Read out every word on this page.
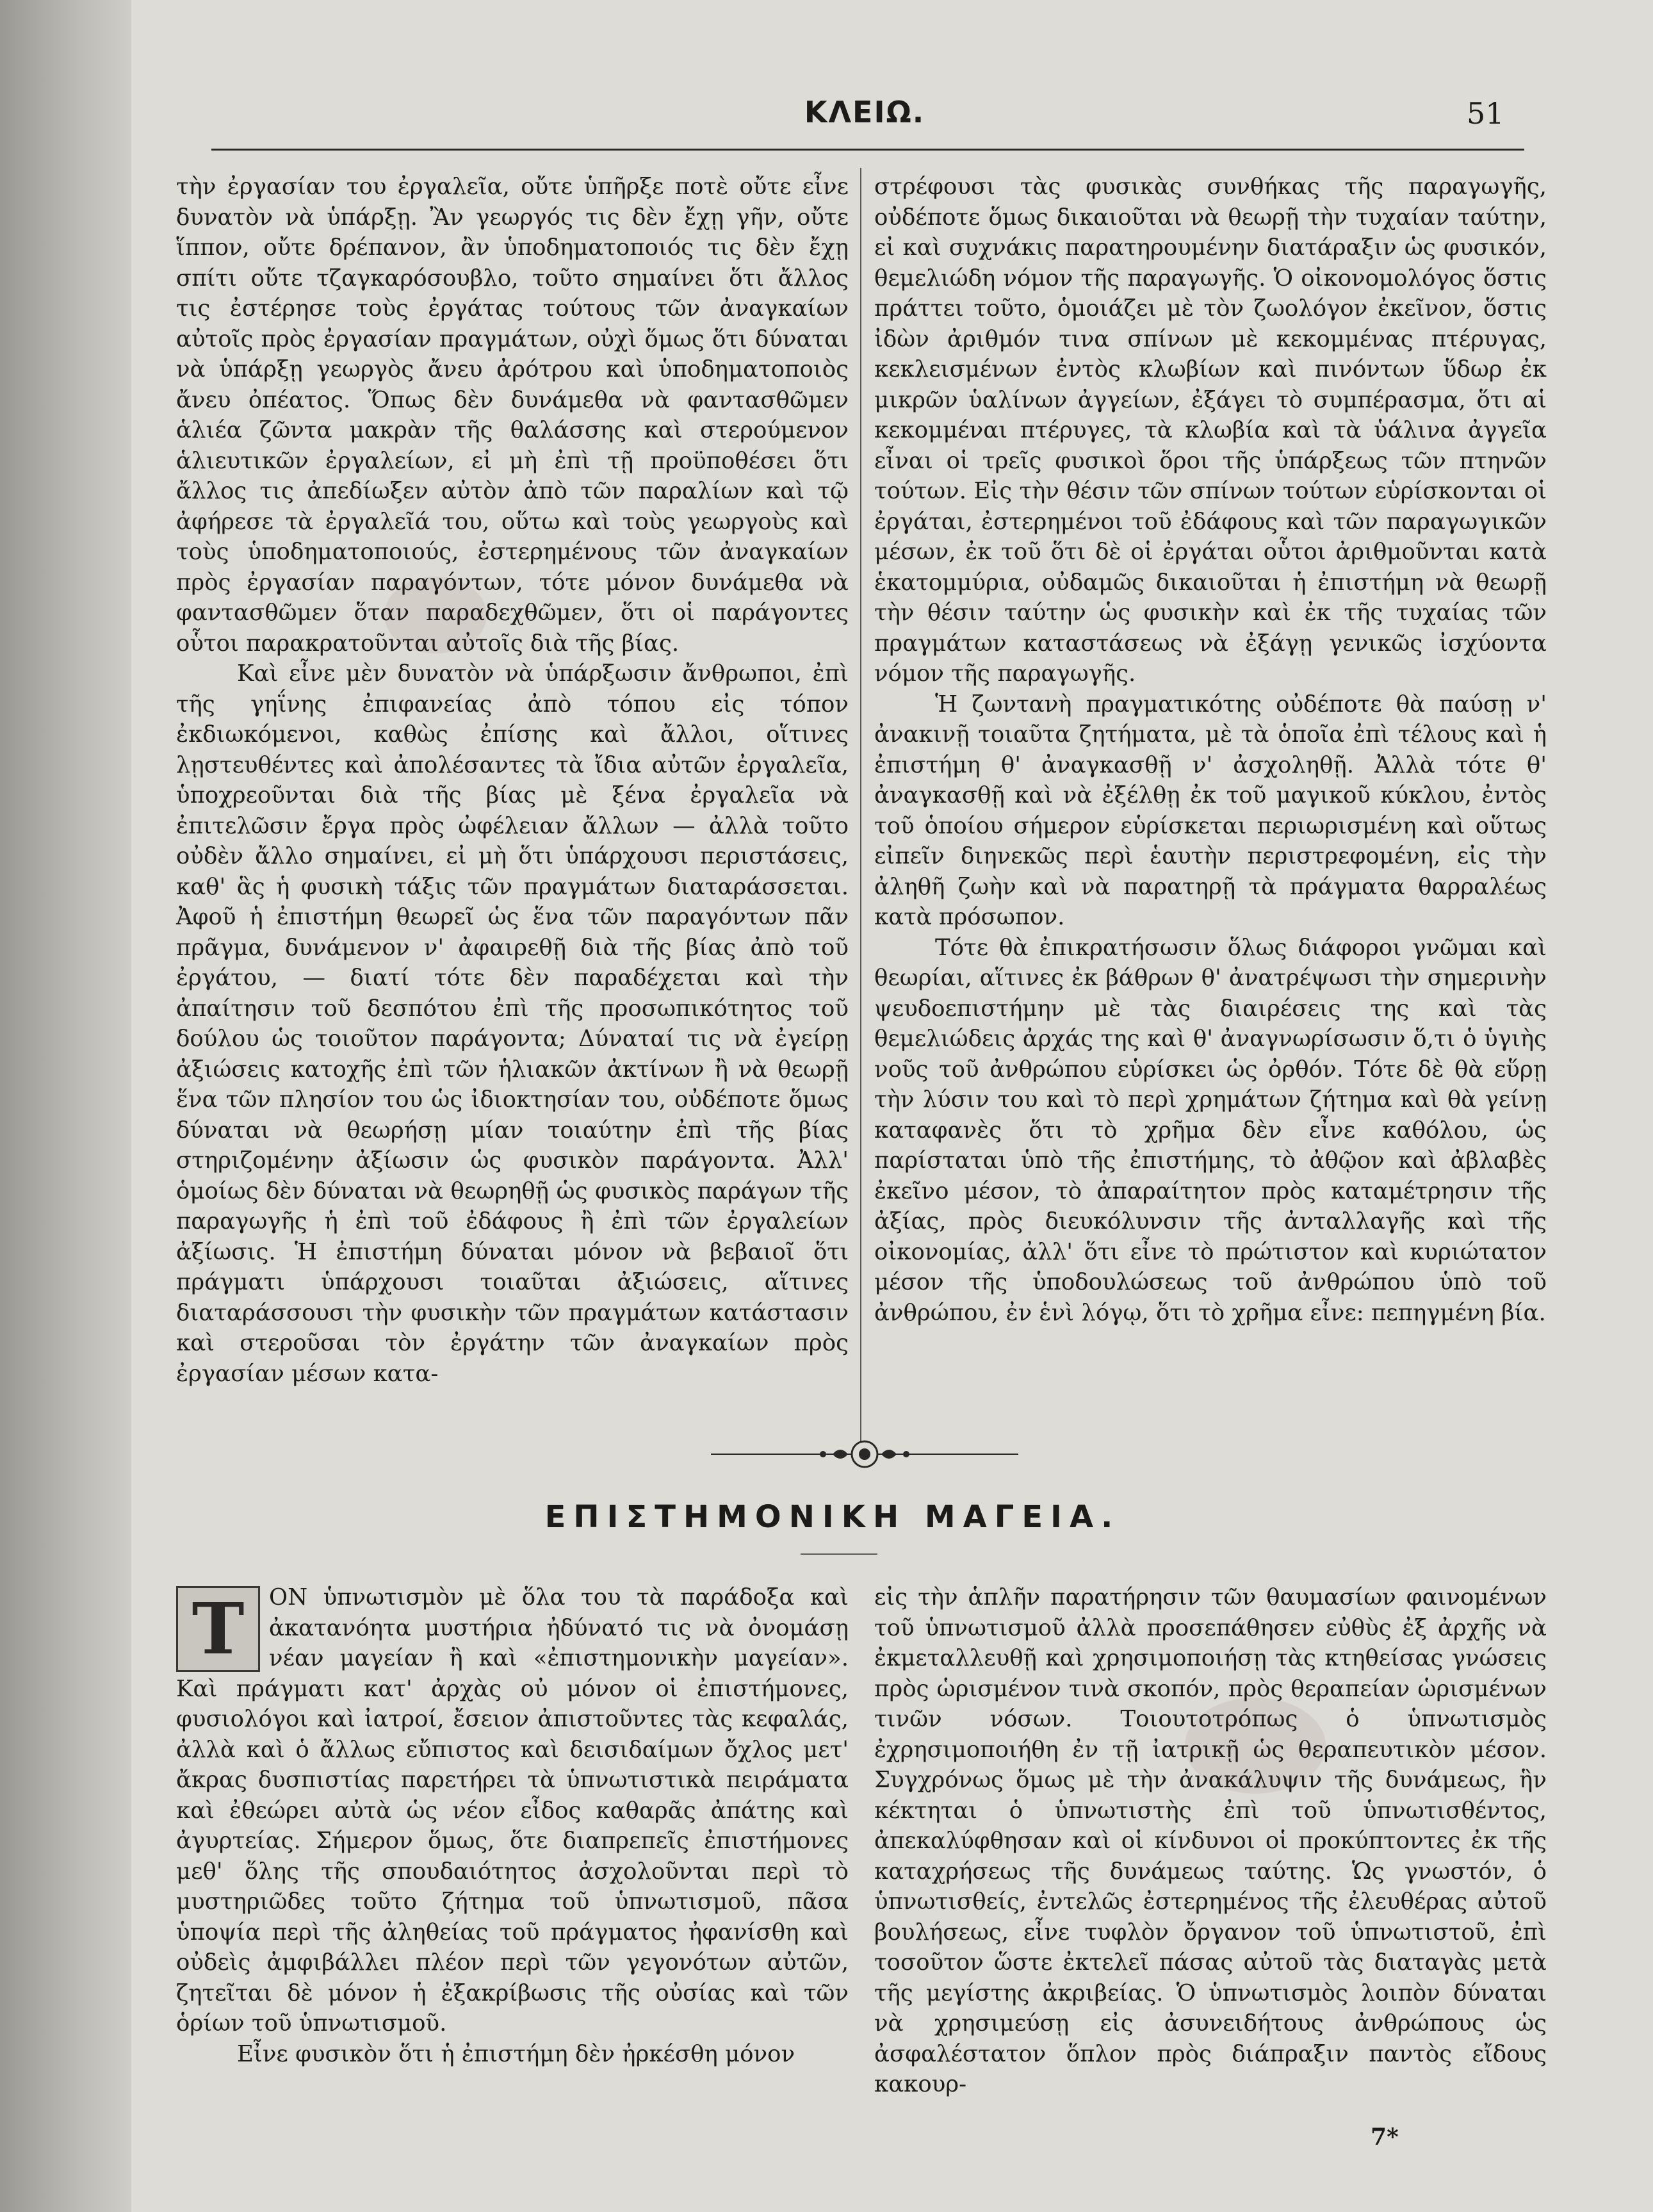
ΚΛΕΙΩ.	51

τὴν ἐργασίαν του ἐργαλεῖα, οὔτε ὑπῆρξε ποτὲ οὔτε εἶνε δυνατὸν νὰ ὑπάρξῃ. Ἂν γεωργός τις δὲν ἔχῃ γῆν, οὔτε ἵππον, οὔτε δρέπανον, ἂν ὑποδηματοποιός τις δὲν ἔχῃ σπίτι οὔτε τζαγκαρόσουβλο, τοῦτο σημαίνει ὅτι ἄλλος τις ἐστέρησε τοὺς ἐργάτας τούτους τῶν ἀναγκαίων αὐτοῖς πρὸς ἐργασίαν πραγμάτων, οὐχὶ ὅμως ὅτι δύναται νὰ ὑπάρξῃ γεωργὸς ἄνευ ἀρότρου καὶ ὑποδηματοποιὸς ἄνευ ὀπέατος. Ὅπως δὲν δυνάμεθα νὰ φαντασθῶμεν ἁλιέα ζῶντα μακρὰν τῆς θαλάσσης καὶ στερούμενον ἁλιευτικῶν ἐργαλείων, εἰ μὴ ἐπὶ τῇ προϋποθέσει ὅτι ἄλλος τις ἀπεδίωξεν αὐτὸν ἀπὸ τῶν παραλίων καὶ τῷ ἀφήρεσε τὰ ἐργαλεῖά του, οὕτω καὶ τοὺς γεωργοὺς καὶ τοὺς ὑποδηματοποιούς, ἐστερημένους τῶν ἀναγκαίων πρὸς ἐργασίαν παραγόντων, τότε μόνον δυνάμεθα νὰ φαντασθῶμεν ὅταν παραδεχθῶμεν, ὅτι οἱ παράγοντες οὗτοι παρακρατοῦνται αὐτοῖς διὰ τῆς βίας.

Καὶ εἶνε μὲν δυνατὸν νὰ ὑπάρξωσιν ἄνθρωποι, ἐπὶ τῆς γηΐνης ἐπιφανείας ἀπὸ τόπου εἰς τόπον ἐκδιωκόμενοι, καθὼς ἐπίσης καὶ ἄλλοι, οἵτινες λῃστευθέντες καὶ ἀπολέσαντες τὰ ἴδια αὐτῶν ἐργαλεῖα, ὑποχρεοῦνται διὰ τῆς βίας μὲ ξένα ἐργαλεῖα νὰ ἐπιτελῶσιν ἔργα πρὸς ὠφέλειαν ἄλλων — ἀλλὰ τοῦτο οὐδὲν ἄλλο σημαίνει, εἰ μὴ ὅτι ὑπάρχουσι περιστάσεις, καθ' ἃς ἡ φυσικὴ τάξις τῶν πραγμάτων διαταράσσεται. Ἀφοῦ ἡ ἐπιστήμη θεωρεῖ ὡς ἕνα τῶν παραγόντων πᾶν πρᾶγμα, δυνάμενον ν' ἀφαιρεθῇ διὰ τῆς βίας ἀπὸ τοῦ ἐργάτου, — διατί τότε δὲν παραδέχεται καὶ τὴν ἀπαίτησιν τοῦ δεσπότου ἐπὶ τῆς προσωπικότητος τοῦ δούλου ὡς τοιοῦτον παράγοντα; Δύναταί τις νὰ ἐγείρῃ ἀξιώσεις κατοχῆς ἐπὶ τῶν ἡλιακῶν ἀκτίνων ἢ νὰ θεωρῇ ἕνα τῶν πλησίον του ὡς ἰδιοκτησίαν του, οὐδέποτε ὅμως δύναται νὰ θεωρήσῃ μίαν τοιαύτην ἐπὶ τῆς βίας στηριζομένην ἀξίωσιν ὡς φυσικὸν παράγοντα. Ἀλλ' ὁμοίως δὲν δύναται νὰ θεωρηθῇ ὡς φυσικὸς παράγων τῆς παραγωγῆς ἡ ἐπὶ τοῦ ἐδάφους ἢ ἐπὶ τῶν ἐργαλείων ἀξίωσις. Ἡ ἐπιστήμη δύναται μόνον νὰ βεβαιοῖ ὅτι πράγματι ὑπάρχουσι τοιαῦται ἀξιώσεις, αἵτινες διαταράσσουσι τὴν φυσικὴν τῶν πραγμάτων κατάστασιν καὶ στεροῦσαι τὸν ἐργάτην τῶν ἀναγκαίων πρὸς ἐργασίαν μέσων κατα-

στρέφουσι τὰς φυσικὰς συνθήκας τῆς παραγωγῆς, οὐδέποτε ὅμως δικαιοῦται νὰ θεωρῇ τὴν τυχαίαν ταύτην, εἰ καὶ συχνάκις παρατηρουμένην διατάραξιν ὡς φυσικόν, θεμελιώδη νόμον τῆς παραγωγῆς. Ὁ οἰκονομολόγος ὅστις πράττει τοῦτο, ὁμοιάζει μὲ τὸν ζωολόγον ἐκεῖνον, ὅστις ἰδὼν ἀριθμόν τινα σπίνων μὲ κεκομμένας πτέρυγας, κεκλεισμένων ἐντὸς κλωβίων καὶ πινόντων ὕδωρ ἐκ μικρῶν ὑαλίνων ἀγγείων, ἐξάγει τὸ συμπέρασμα, ὅτι αἱ κεκομμέναι πτέρυγες, τὰ κλωβία καὶ τὰ ὑάλινα ἀγγεῖα εἶναι οἱ τρεῖς φυσικοὶ ὅροι τῆς ὑπάρξεως τῶν πτηνῶν τούτων. Εἰς τὴν θέσιν τῶν σπίνων τούτων εὑρίσκονται οἱ ἐργάται, ἐστερημένοι τοῦ ἐδάφους καὶ τῶν παραγωγικῶν μέσων, ἐκ τοῦ ὅτι δὲ οἱ ἐργάται οὗτοι ἀριθμοῦνται κατὰ ἑκατομμύρια, οὐδαμῶς δικαιοῦται ἡ ἐπιστήμη νὰ θεωρῇ τὴν θέσιν ταύτην ὡς φυσικὴν καὶ ἐκ τῆς τυχαίας τῶν πραγμάτων καταστάσεως νὰ ἐξάγῃ γενικῶς ἰσχύοντα νόμον τῆς παραγωγῆς.

Ἡ ζωντανὴ πραγματικότης οὐδέποτε θὰ παύσῃ ν' ἀνακινῇ τοιαῦτα ζητήματα, μὲ τὰ ὁποῖα ἐπὶ τέλους καὶ ἡ ἐπιστήμη θ' ἀναγκασθῇ ν' ἀσχοληθῇ. Ἀλλὰ τότε θ' ἀναγκασθῇ καὶ νὰ ἐξέλθῃ ἐκ τοῦ μαγικοῦ κύκλου, ἐντὸς τοῦ ὁποίου σήμερον εὑρίσκεται περιωρισμένη καὶ οὕτως εἰπεῖν διηνεκῶς περὶ ἑαυτὴν περιστρεφομένη, εἰς τὴν ἀληθῆ ζωὴν καὶ νὰ παρατηρῇ τὰ πράγματα θαρραλέως κατὰ πρόσωπον.

Τότε θὰ ἐπικρατήσωσιν ὅλως διάφοροι γνῶμαι καὶ θεωρίαι, αἵτινες ἐκ βάθρων θ' ἀνατρέψωσι τὴν σημερινὴν ψευδοεπιστήμην μὲ τὰς διαιρέσεις της καὶ τὰς θεμελιώδεις ἀρχάς της καὶ θ' ἀναγνωρίσωσιν ὅ,τι ὁ ὑγιὴς νοῦς τοῦ ἀνθρώπου εὑρίσκει ὡς ὀρθόν. Τότε δὲ θὰ εὕρῃ τὴν λύσιν του καὶ τὸ περὶ χρημάτων ζήτημα καὶ θὰ γείνῃ καταφανὲς ὅτι τὸ χρῆμα δὲν εἶνε καθόλου, ὡς παρίσταται ὑπὸ τῆς ἐπιστήμης, τὸ ἀθῷον καὶ ἀβλαβὲς ἐκεῖνο μέσον, τὸ ἀπαραίτητον πρὸς καταμέτρησιν τῆς ἀξίας, πρὸς διευκόλυνσιν τῆς ἀνταλλαγῆς καὶ τῆς οἰκονομίας, ἀλλ' ὅτι εἶνε τὸ πρώτιστον καὶ κυριώτατον μέσον τῆς ὑποδουλώσεως τοῦ ἀνθρώπου ὑπὸ τοῦ ἀνθρώπου, ἐν ἑνὶ λόγῳ, ὅτι τὸ χρῆμα εἶνε: πεπηγμένη βία.

ΕΠΙΣΤΗΜΟΝΙΚΗ ΜΑΓΕΙΑ.
Τ	ΟΝ ὑπνωτισμὸν μὲ ὅλα του τὰ παράδοξα καὶ ἀκατανόητα μυστήρια ἠδύνατό τις νὰ ὀνομάσῃ νέαν μαγείαν ἢ καὶ «ἐπιστημονικὴν μαγείαν». Καὶ πράγματι κατ' ἀρχὰς οὐ μόνον οἱ ἐπιστήμονες, φυσιολόγοι καὶ ἰατροί, ἔσειον ἀπιστοῦντες τὰς κεφαλάς, ἀλλὰ καὶ ὁ ἄλλως εὔπιστος καὶ δεισιδαίμων ὄχλος μετ' ἄκρας δυσπιστίας παρετήρει τὰ ὑπνωτιστικὰ πειράματα καὶ ἐθεώρει αὐτὰ ὡς νέον εἶδος καθαρᾶς ἀπάτης καὶ ἀγυρτείας. Σήμερον ὅμως, ὅτε διαπρεπεῖς ἐπιστήμονες μεθ' ὅλης τῆς σπουδαιότητος ἀσχολοῦνται περὶ τὸ μυστηριῶδες τοῦτο ζήτημα τοῦ ὑπνωτισμοῦ, πᾶσα ὑποψία περὶ τῆς ἀληθείας τοῦ πράγματος ἠφανίσθη καὶ οὐδεὶς ἀμφιβάλλει πλέον περὶ τῶν γεγονότων αὐτῶν, ζητεῖται δὲ μόνον ἡ ἐξακρίβωσις τῆς οὐσίας καὶ τῶν ὁρίων τοῦ ὑπνωτισμοῦ.

Εἶνε φυσικὸν ὅτι ἡ ἐπιστήμη δὲν ἠρκέσθη μόνον

εἰς τὴν ἁπλῆν παρατήρησιν τῶν θαυμασίων φαινομένων τοῦ ὑπνωτισμοῦ ἀλλὰ προσεπάθησεν εὐθὺς ἐξ ἀρχῆς νὰ ἐκμεταλλευθῇ καὶ χρησιμοποιήσῃ τὰς κτηθείσας γνώσεις πρὸς ὡρισμένον τινὰ σκοπόν, πρὸς θεραπείαν ὡρισμένων τινῶν νόσων. Τοιουτοτρόπως ὁ ὑπνωτισμὸς ἐχρησιμοποιήθη ἐν τῇ ἰατρικῇ ὡς θεραπευτικὸν μέσον. Συγχρόνως ὅμως μὲ τὴν ἀνακάλυψιν τῆς δυνάμεως, ἣν κέκτηται ὁ ὑπνωτιστὴς ἐπὶ τοῦ ὑπνωτισθέντος, ἀπεκαλύφθησαν καὶ οἱ κίνδυνοι οἱ προκύπτοντες ἐκ τῆς καταχρήσεως τῆς δυνάμεως ταύτης. Ὡς γνωστόν, ὁ ὑπνωτισθείς, ἐντελῶς ἐστερημένος τῆς ἐλευθέρας αὐτοῦ βουλήσεως, εἶνε τυφλὸν ὄργανον τοῦ ὑπνωτιστοῦ, ἐπὶ τοσοῦτον ὥστε ἐκτελεῖ πάσας αὐτοῦ τὰς διαταγὰς μετὰ τῆς μεγίστης ἀκριβείας. Ὁ ὑπνωτισμὸς λοιπὸν δύναται νὰ χρησιμεύσῃ εἰς ἀσυνειδήτους ἀνθρώπους ὡς ἀσφαλέστατον ὅπλον πρὸς διάπραξιν παντὸς εἴδους κακουρ-

7*
